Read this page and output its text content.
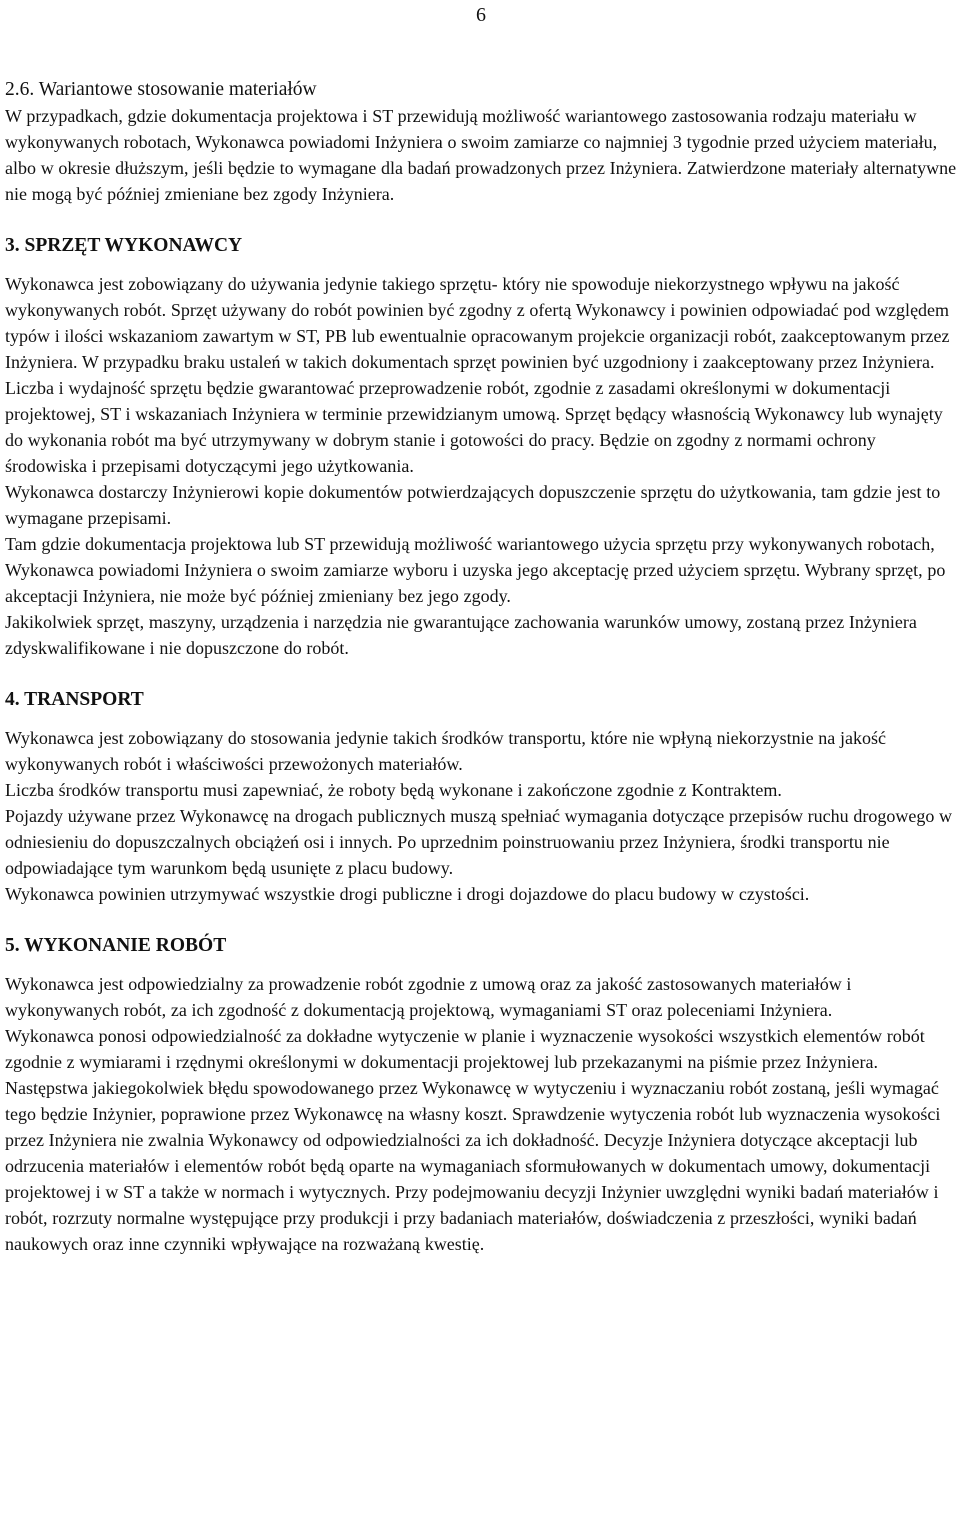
6
2.6. Wariantowe stosowanie materiałów

W przypadkach, gdzie dokumentacja projektowa i ST przewidują możliwość wariantowego zastosowania rodzaju materiału w wykonywanych robotach, Wykonawca powiadomi Inżyniera o swoim zamiarze co najmniej 3 tygodnie przed użyciem materiału, albo w okresie dłuższym, jeśli będzie to wymagane dla badań prowadzonych przez Inżyniera. Zatwierdzone materiały alternatywne nie mogą być później zmieniane bez zgody Inżyniera.

3. SPRZĘT WYKONAWCY

Wykonawca jest zobowiązany do używania jedynie takiego sprzętu- który nie spowoduje niekorzystnego wpływu na jakość wykonywanych robót. Sprzęt używany do robót powinien być zgodny z ofertą Wykonawcy i powinien odpowiadać pod względem typów i ilości wskazaniom zawartym w ST, PB lub ewentualnie opracowanym projekcie organizacji robót, zaakceptowanym przez Inżyniera. W przypadku braku ustaleń w takich dokumentach sprzęt powinien być uzgodniony i zaakceptowany przez Inżyniera.

Liczba i wydajność sprzętu będzie gwarantować przeprowadzenie robót, zgodnie z zasadami określonymi w dokumentacji projektowej, ST i wskazaniach Inżyniera w terminie przewidzianym umową. Sprzęt będący własnością Wykonawcy lub wynajęty do wykonania robót ma być utrzymywany w dobrym stanie i gotowości do pracy. Będzie on zgodny z normami ochrony środowiska i przepisami dotyczącymi jego użytkowania.

Wykonawca dostarczy Inżynierowi kopie dokumentów potwierdzających dopuszczenie sprzętu do użytkowania, tam gdzie jest to wymagane przepisami.

Tam gdzie dokumentacja projektowa lub ST przewidują możliwość wariantowego użycia sprzętu przy wykonywanych robotach, Wykonawca powiadomi Inżyniera o swoim zamiarze wyboru i uzyska jego akceptację przed użyciem sprzętu. Wybrany sprzęt, po akceptacji Inżyniera, nie może być później zmieniany bez jego zgody.

Jakikolwiek sprzęt, maszyny, urządzenia i narzędzia nie gwarantujące zachowania warunków umowy, zostaną przez Inżyniera zdyskwalifikowane i nie dopuszczone do robót.

4. TRANSPORT

Wykonawca jest zobowiązany do stosowania jedynie takich środków transportu, które nie wpłyną niekorzystnie na jakość wykonywanych robót i właściwości przewożonych materiałów.

Liczba środków transportu musi zapewniać, że roboty będą wykonane i zakończone zgodnie z Kontraktem.

Pojazdy używane przez Wykonawcę na drogach publicznych muszą spełniać wymagania dotyczące przepisów ruchu drogowego w odniesieniu do dopuszczalnych obciążeń osi i innych. Po uprzednim poinstruowaniu przez Inżyniera, środki transportu nie odpowiadające tym warunkom będą usunięte z placu budowy.

Wykonawca powinien utrzymywać wszystkie drogi publiczne i drogi dojazdowe do placu budowy w czystości.

5. WYKONANIE ROBÓT

Wykonawca jest odpowiedzialny za prowadzenie robót zgodnie z umową oraz za jakość zastosowanych materiałów i wykonywanych robót, za ich zgodność z dokumentacją projektową, wymaganiami ST oraz poleceniami Inżyniera.

Wykonawca ponosi odpowiedzialność za dokładne wytyczenie w planie i wyznaczenie wysokości wszystkich elementów robót zgodnie z wymiarami i rzędnymi określonymi w dokumentacji projektowej lub przekazanymi na piśmie przez Inżyniera.

Następstwa jakiegokolwiek błędu spowodowanego przez Wykonawcę w wytyczeniu i wyznaczaniu robót zostaną, jeśli wymagać tego będzie Inżynier, poprawione przez Wykonawcę na własny koszt. Sprawdzenie wytyczenia robót lub wyznaczenia wysokości przez Inżyniera nie zwalnia Wykonawcy od odpowiedzialności za ich dokładność. Decyzje Inżyniera dotyczące akceptacji lub odrzucenia materiałów i elementów robót będą oparte na wymaganiach sformułowanych w dokumentach umowy, dokumentacji projektowej i w ST a także w normach i wytycznych. Przy podejmowaniu decyzji Inżynier uwzględni wyniki badań materiałów i robót, rozrzuty normalne występujące przy produkcji i przy badaniach materiałów, doświadczenia z przeszłości, wyniki badań naukowych oraz inne czynniki wpływające na rozważaną kwestię.
